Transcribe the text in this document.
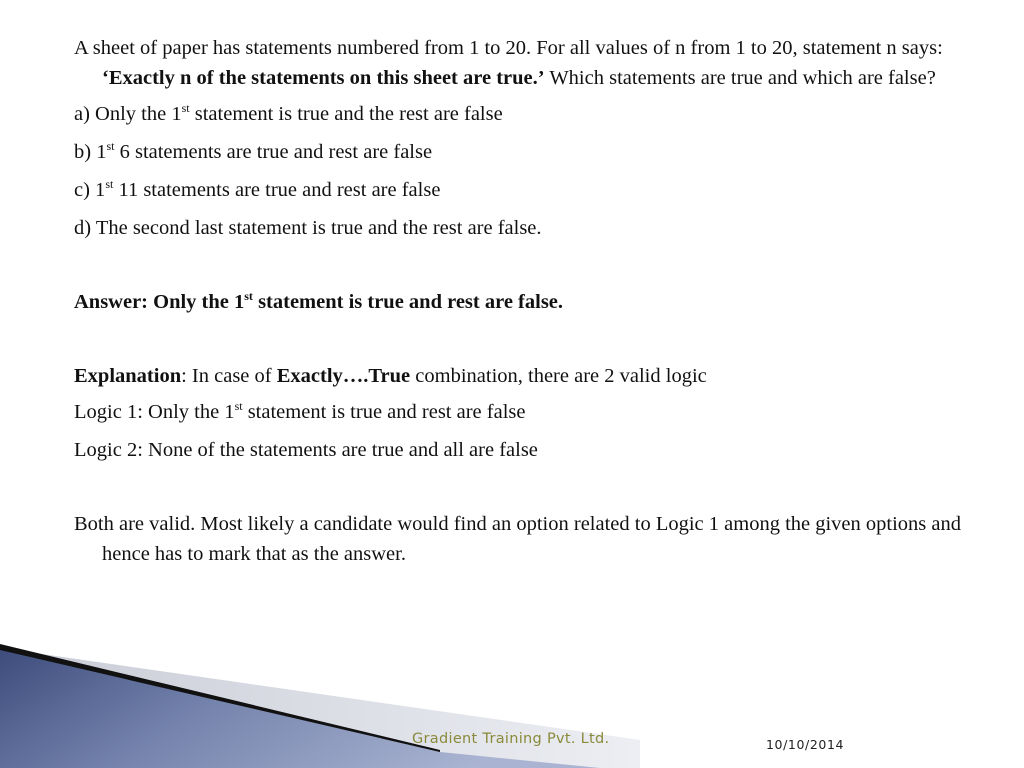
A sheet of paper has statements numbered from 1 to 20. For all values of n from 1 to 20, statement n says: ‘Exactly n of the statements on this sheet are true.’ Which statements are true and which are false?

a) Only the 1st statement is true and the rest are false

b) 1st 6 statements are true and rest are false

c) 1st 11 statements are true and rest are false

d) The second last statement is true and the rest are false.

Answer: Only the 1st statement is true and rest are false.

Explanation: In case of Exactly….True combination, there are 2 valid logic

Logic 1: Only the 1st statement is true and rest are false

Logic 2: None of the statements are true and all are false

Both are valid. Most likely a candidate would find an option related to Logic 1 among the given options and hence has to mark that as the answer.

Gradient Training Pvt. Ltd.	10/10/2014
